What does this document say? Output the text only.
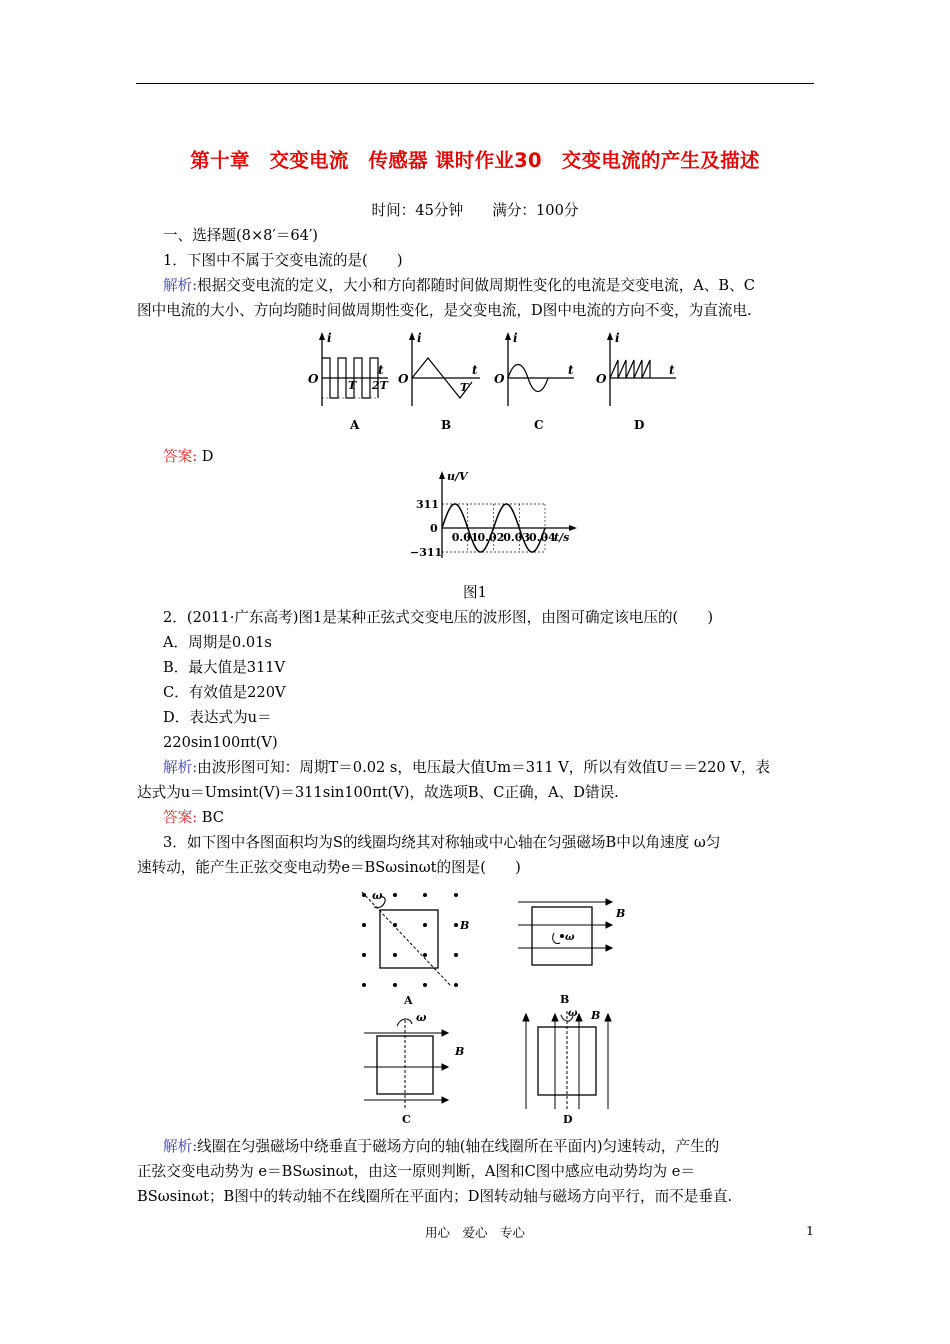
第十章　交变电流　传感器 课时作业30　交变电流的产生及描述
时间：45分钟　　满分：100分
一、选择题(8×8′＝64′)
1．下图中不属于交变电流的是(　　)
解析:根据交变电流的定义，大小和方向都随时间做周期性变化的电流是交变电流，A、B、C
图中电流的大小、方向均随时间做周期性变化，是交变电流，D图中电流的方向不变，为直流电.
i
O	T 2T
t
A
i
O
T
t
B
i
O
t
C
i
O
t
D
答案: D
u/V
311
0
−311
0.01
0.02
0.03
0.04
t/s
图1
2．(2011·广东高考)图1是某种正弦式交变电压的波形图，由图可确定该电压的(　　)
A．周期是0.01s
B．最大值是311V
C．有效值是220V
D．表达式为u＝
220sin100πt(V)
解析:由波形图可知：周期T＝0.02 s，电压最大值Um＝311 V，所以有效值U＝＝220 V，表
达式为u＝Umsint(V)＝311sin100πt(V)，故选项B、C正确，A、D错误.
答案: BC
3．如下图中各图面积均为S的线圈均绕其对称轴或中心轴在匀强磁场B中以角速度 ω匀
速转动，能产生正弦交变电动势e＝BSωsinωt的图是(　　)
ω
B
A
ω
B
ω
B
C
B
ω B
D
解析:线圈在匀强磁场中绕垂直于磁场方向的轴(轴在线圈所在平面内)匀速转动，产生的
正弦交变电动势为 e＝BSωsinωt，由这一原则判断，A图和C图中感应电动势均为 e＝
BSωsinωt；B图中的转动轴不在线圈所在平面内；D图转动轴与磁场方向平行，而不是垂直.
用心　爱心　专心	1
